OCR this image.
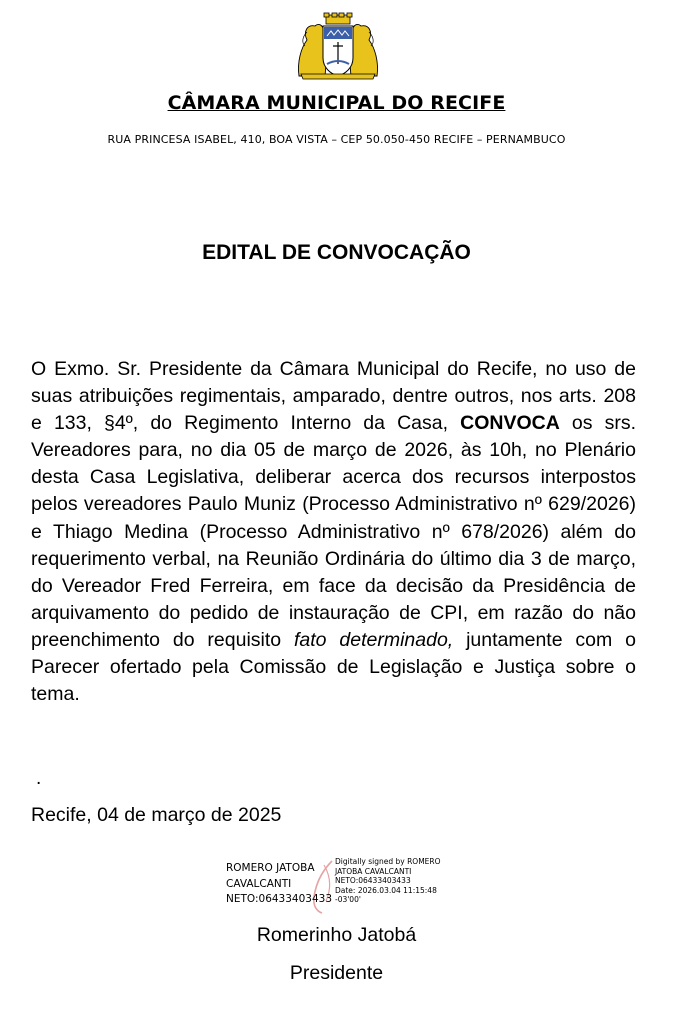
CÂMARA MUNICIPAL DO RECIFE
RUA PRINCESA ISABEL, 410, BOA VISTA – CEP 50.050-450 RECIFE – PERNAMBUCO
EDITAL DE CONVOCAÇÃO
O Exmo. Sr. Presidente da Câmara Municipal do Recife, no uso de suas atribuições regimentais, amparado, dentre outros, nos arts. 208 e 133, §4º, do Regimento Interno da Casa, CONVOCA os srs. Vereadores para, no dia 05 de março de 2026, às 10h, no Plenário desta Casa Legislativa, deliberar acerca dos recursos interpostos pelos vereadores Paulo Muniz (Processo Administrativo nº 629/2026) e Thiago Medina (Processo Administrativo nº 678/2026) além do requerimento verbal, na Reunião Ordinária do último dia 3 de março, do Vereador Fred Ferreira, em face da decisão da Presidência de arquivamento do pedido de instauração de CPI, em razão do não preenchimento do requisito fato determinado, juntamente com o Parecer ofertado pela Comissão de Legislação e Justiça sobre o tema.
.
Recife, 04 de março de 2025
ROMERO JATOBA
CAVALCANTI
NETO:06433403433
Digitally signed by ROMERO
JATOBA CAVALCANTI
NETO:06433403433
Date: 2026.03.04 11:15:48
-03'00'
Romerinho Jatobá
Presidente
